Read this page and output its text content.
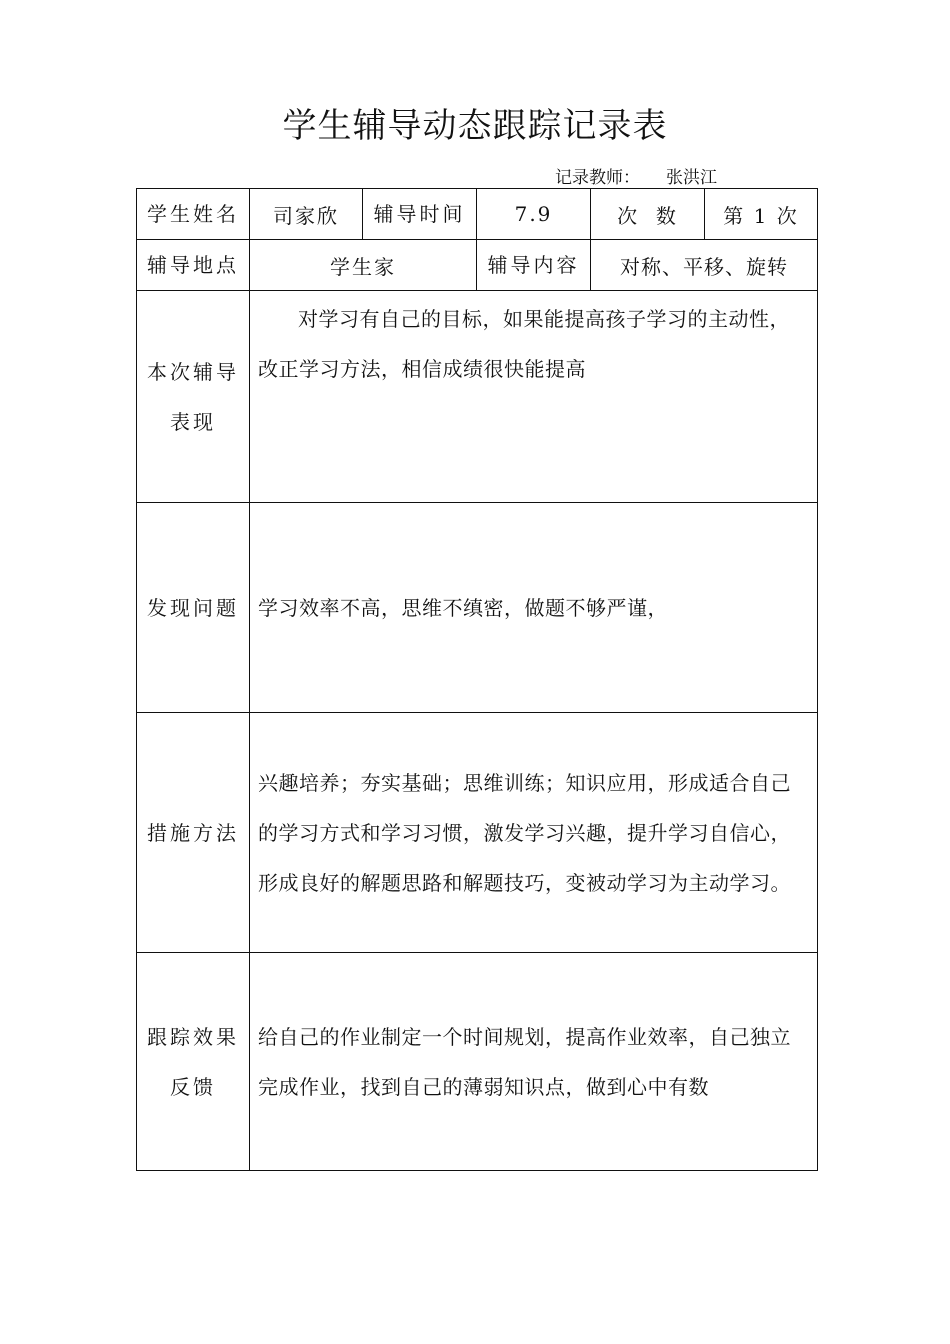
学生辅导动态跟踪记录表
记录教师： 张洪江
学生姓名	司家欣	辅导时间	7.9	次  数	第 1 次
辅导地点	学生家		辅导内容	对称、平移、旋转	

本次辅导
表现	对学习有自己的目标，如果能提高孩子学习的主动性，改正学习方法，相信成绩很快能提高				

发现问题	学习效率不高，思维不缜密，做题不够严谨，				
措施方法	兴趣培养；夯实基础；思维训练；知识应用，形成适合自己的学习方式和学习习惯，激发学习兴趣，提升学习自信心，形成良好的解题思路和解题技巧，变被动学习为主动学习。				

跟踪效果
反馈	给自己的作业制定一个时间规划，提高作业效率，自己独立完成作业，找到自己的薄弱知识点，做到心中有数				
